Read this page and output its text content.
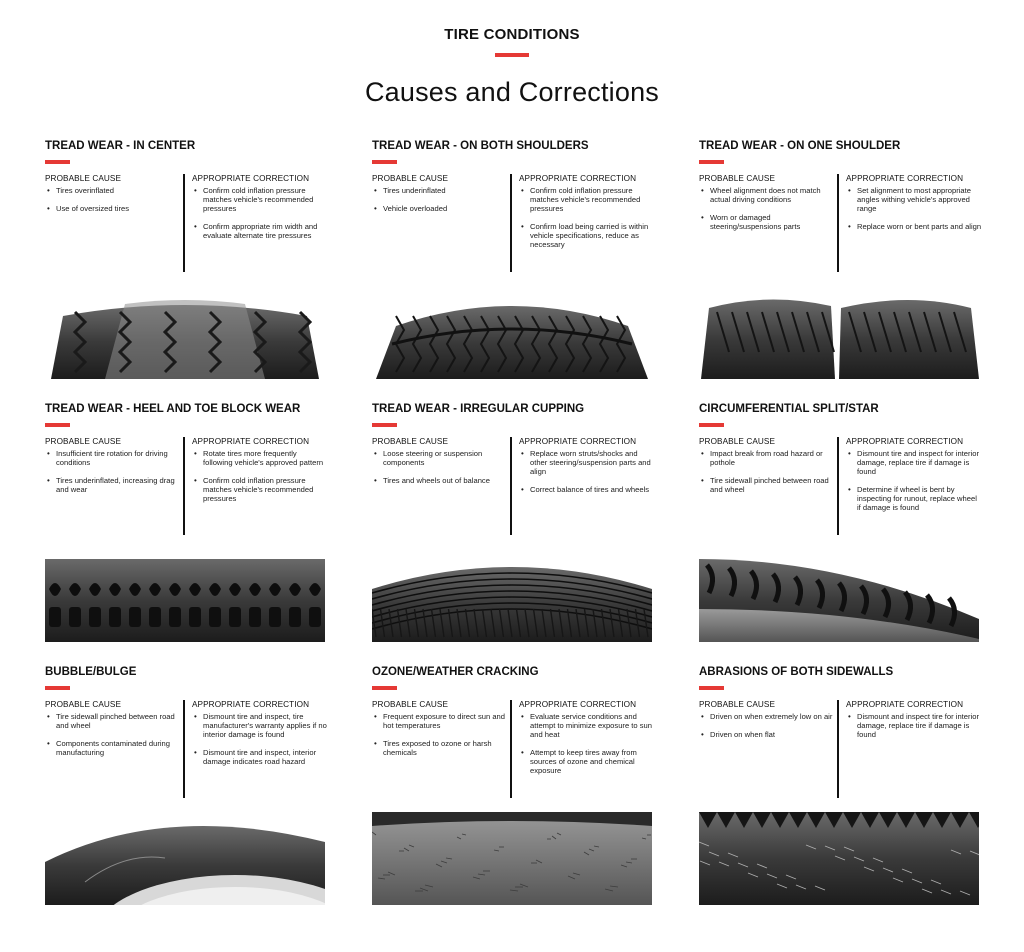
TIRE CONDITIONS
Causes and Corrections
TREAD WEAR - IN CENTER
PROBABLE CAUSE
• Tires overinflated
• Use of oversized tires
APPROPRIATE CORRECTION
• Confirm cold inflation pressure matches vehicle's recommended pressures
• Confirm appropriate rim width and evaluate alternate tire pressures
TREAD WEAR - ON BOTH SHOULDERS
PROBABLE CAUSE
• Tires underinflated
• Vehicle overloaded
APPROPRIATE CORRECTION
• Confirm cold inflation pressure matches vehicle's recommended pressures
• Confirm load being carried is within vehicle specifications, reduce as necessary
TREAD WEAR - ON ONE SHOULDER
PROBABLE CAUSE
• Wheel alignment does not match actual driving conditions
• Worn or damaged steering/suspensions parts
APPROPRIATE CORRECTION
• Set alignment to most appropriate angles withing vehicle's approved range
• Replace worn or bent parts and align
TREAD WEAR - HEEL AND TOE BLOCK WEAR
PROBABLE CAUSE
• Insufficient tire rotation for driving conditions
• Tires underinflated, increasing drag and wear
APPROPRIATE CORRECTION
• Rotate tires more frequently following vehicle's approved pattern
• Confirm cold inflation pressure matches vehicle's recommended pressures
TREAD WEAR - IRREGULAR CUPPING
PROBABLE CAUSE
• Loose steering or suspension components
• Tires and wheels out of balance
APPROPRIATE CORRECTION
• Replace worn struts/shocks and other steering/suspension parts and align
• Correct balance of tires and wheels
CIRCUMFERENTIAL SPLIT/STAR
PROBABLE CAUSE
• Impact break from road hazard or pothole
• Tire sidewall pinched between road and wheel
APPROPRIATE CORRECTION
• Dismount tire and inspect for interior damage, replace tire if damage is found
• Determine if wheel is bent by inspecting for runout, replace wheel if damage is found
BUBBLE/BULGE
PROBABLE CAUSE
• Tire sidewall pinched between road and wheel
• Components contaminated during manufacturing
APPROPRIATE CORRECTION
• Dismount tire and inspect, tire manufacturer's warranty applies if no interior damage is found
• Dismount tire and inspect, interior damage indicates road hazard
OZONE/WEATHER CRACKING
PROBABLE CAUSE
• Frequent exposure to direct sun and hot temperatures
• Tires exposed to ozone or harsh chemicals
APPROPRIATE CORRECTION
• Evaluate service conditions and attempt to minimize exposure to sun and heat
• Attempt to keep tires away from sources of ozone and chemical exposure
ABRASIONS OF BOTH SIDEWALLS
PROBABLE CAUSE
• Driven on when extremely low on air
• Driven on when flat
APPROPRIATE CORRECTION
• Dismount and inspect tire for interior damage, replace tire if damage is found
